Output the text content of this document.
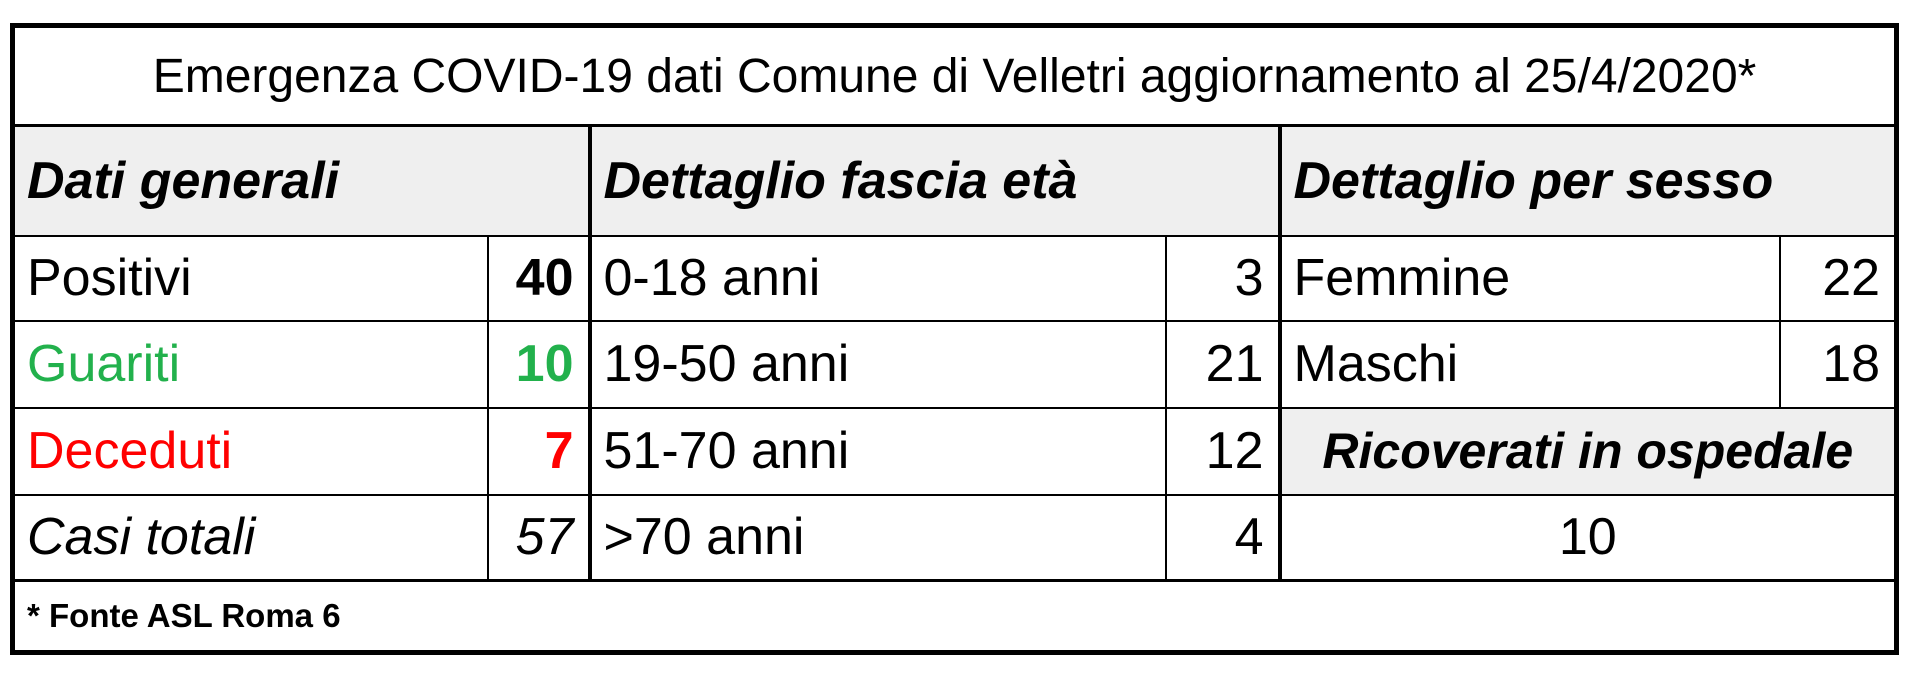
Emergenza COVID-19 dati Comune di Velletri aggiornamento al 25/4/2020*					
Dati generali		Dettaglio fascia età		Dettaglio per sesso	
Positivi	40	0-18 anni	3	Femmine	22
Guariti	10	19-50 anni	21	Maschi	18
Deceduti	7	51-70 anni	12	Ricoverati in ospedale	
Casi totali	57	>70 anni	4	10	
* Fonte ASL Roma 6					
